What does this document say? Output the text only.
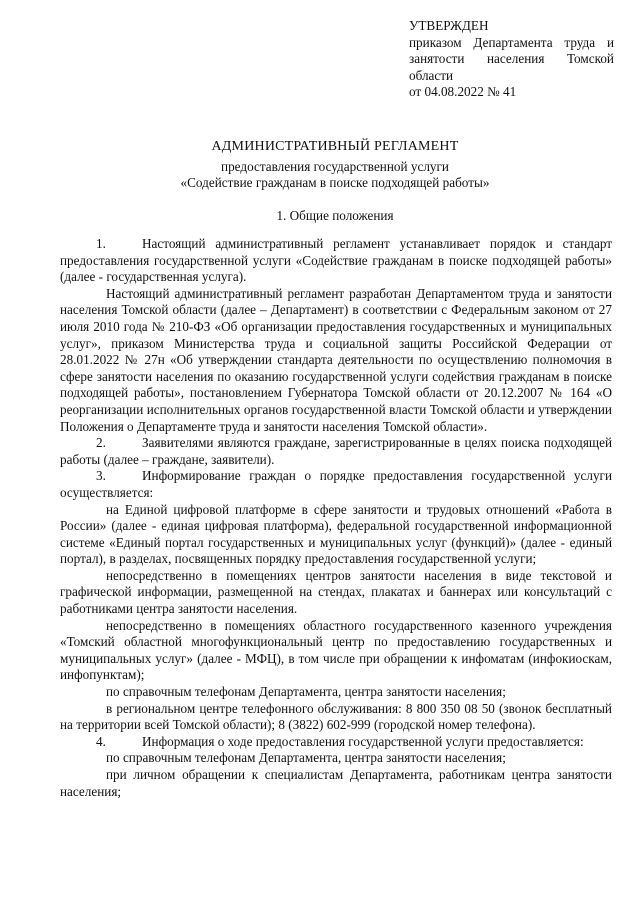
УТВЕРЖДЕН
приказом Департамента труда и
занятости населения Томской
области
от 04.08.2022 № 41
АДМИНИСТРАТИВНЫЙ РЕГЛАМЕНТ
предоставления государственной услуги
«Содействие гражданам в поиске подходящей работы»
1. Общие положения

1.	Настоящий административный регламент устанавливает порядок и стандарт предоставления государственной услуги «Содействие гражданам в поиске подходящей работы» (далее - государственная услуга).

Настоящий административный регламент разработан Департаментом труда и занятости населения Томской области (далее – Департамент) в соответствии с Федеральным законом от 27 июля 2010 года № 210-ФЗ «Об организации предоставления государственных и муниципальных услуг», приказом Министерства труда и социальной защиты Российской Федерации от 28.01.2022 № 27н «Об утверждении стандарта деятельности по осуществлению полномочия в сфере занятости населения по оказанию государственной услуги содействия гражданам в поиске подходящей работы», постановлением Губернатора Томской области от 20.12.2007 № 164 «О реорганизации исполнительных органов государственной власти Томской области и утверждении Положения о Департаменте труда и занятости населения Томской области».

2.	Заявителями являются граждане, зарегистрированные в целях поиска подходящей работы (далее – граждане, заявители).

3.	Информирование граждан о порядке предоставления государственной услуги осуществляется:

на Единой цифровой платформе в сфере занятости и трудовых отношений «Работа в России» (далее - единая цифровая платформа), федеральной государственной информационной системе «Единый портал государственных и муниципальных услуг (функций)» (далее - единый портал), в разделах, посвященных порядку предоставления государственной услуги;

непосредственно в помещениях центров занятости населения в виде текстовой и графической информации, размещенной на стендах, плакатах и баннерах или консультаций с работниками центра занятости населения.

непосредственно в помещениях областного государственного казенного учреждения «Томский областной многофункциональный центр по предоставлению государственных и муниципальных услуг» (далее - МФЦ), в том числе при обращении к инфоматам (инфокиоскам, инфопунктам);

по справочным телефонам Департамента, центра занятости населения;

в региональном центре телефонного обслуживания: 8 800 350 08 50 (звонок бесплатный на территории всей Томской области); 8 (3822) 602-999 (городской номер телефона).

4.	Информация о ходе предоставления государственной услуги предоставляется:

по справочным телефонам Департамента, центра занятости населения;

при личном обращении к специалистам Департамента, работникам центра занятости населения;
